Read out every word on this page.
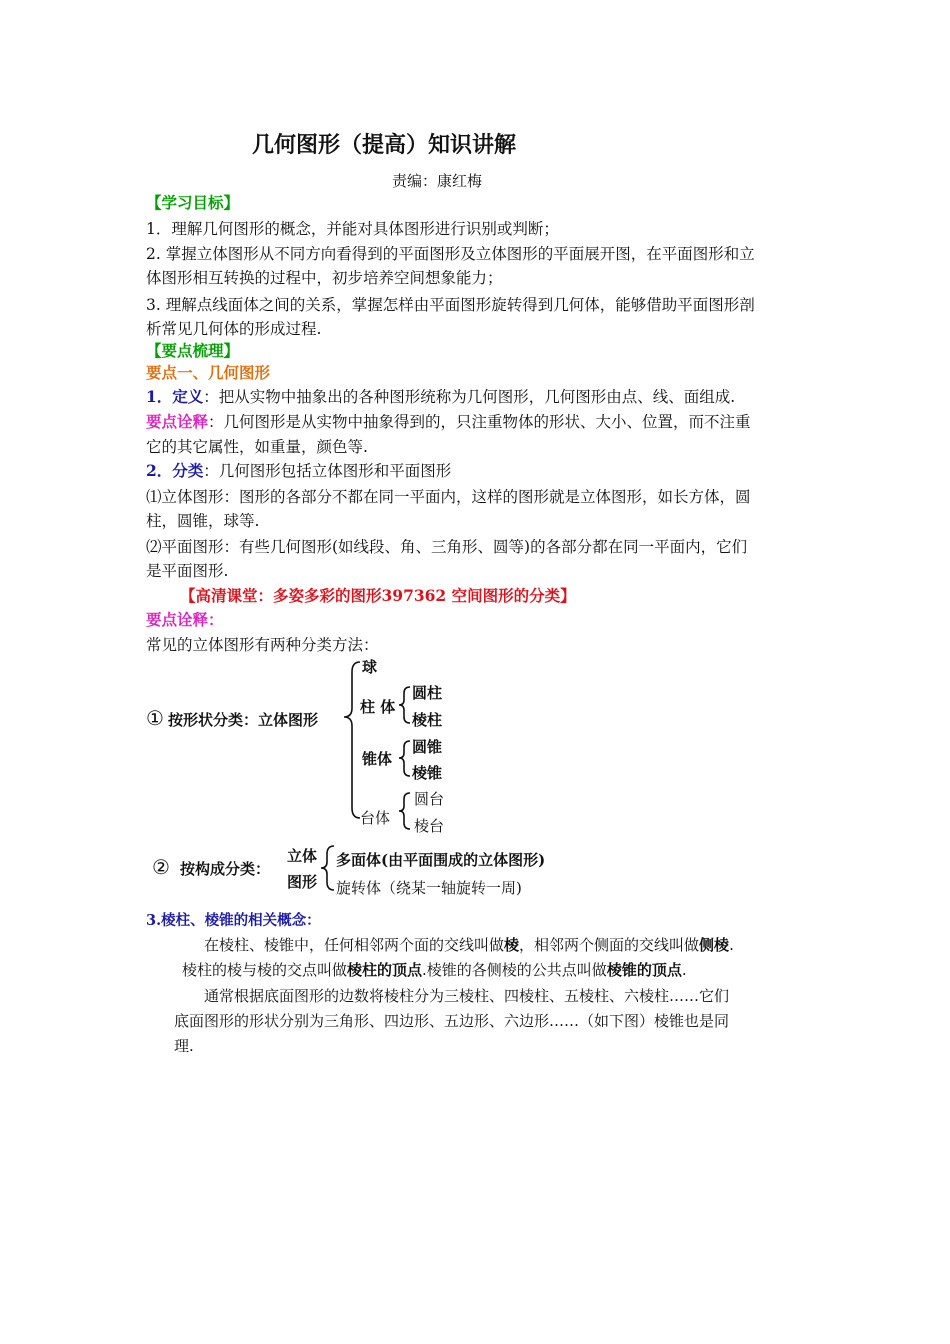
几何图形（提高）知识讲解
责编：康红梅
【学习目标】
1．理解几何图形的概念，并能对具体图形进行识别或判断；
2. 掌握立体图形从不同方向看得到的平面图形及立体图形的平面展开图，在平面图形和立
体图形相互转换的过程中，初步培养空间想象能力；
3. 理解点线面体之间的关系，掌握怎样由平面图形旋转得到几何体，能够借助平面图形剖
析常见几何体的形成过程.
【要点梳理】
要点一、几何图形
1．定义：把从实物中抽象出的各种图形统称为几何图形，几何图形由点、线、面组成.
要点诠释：几何图形是从实物中抽象得到的，只注重物体的形状、大小、位置，而不注重
它的其它属性，如重量，颜色等.
2．分类：几何图形包括立体图形和平面图形
⑴立体图形：图形的各部分不都在同一平面内，这样的图形就是立体图形，如长方体，圆
柱，圆锥，球等.
⑵平面图形：有些几何图形(如线段、角、三角形、圆等)的各部分都在同一平面内，它们
是平面图形.
【高清课堂：多姿多彩的图形397362 空间图形的分类】
要点诠释：
常见的立体图形有两种分类方法：
① 按形状分类：立体图形
球
柱 体
圆柱
棱柱
锥体
圆锥
棱锥
台体
圆台
棱台
② 按构成分类：
立体
图形
多面体(由平面围成的立体图形)
旋转体（绕某一轴旋转一周)
3.棱柱、棱锥的相关概念：
在棱柱、棱锥中，任何相邻两个面的交线叫做棱，相邻两个侧面的交线叫做侧棱.
棱柱的棱与棱的交点叫做棱柱的顶点.棱锥的各侧棱的公共点叫做棱锥的顶点.
通常根据底面图形的边数将棱柱分为三棱柱、四棱柱、五棱柱、六棱柱……它们
底面图形的形状分别为三角形、四边形、五边形、六边形……（如下图）棱锥也是同
理.
